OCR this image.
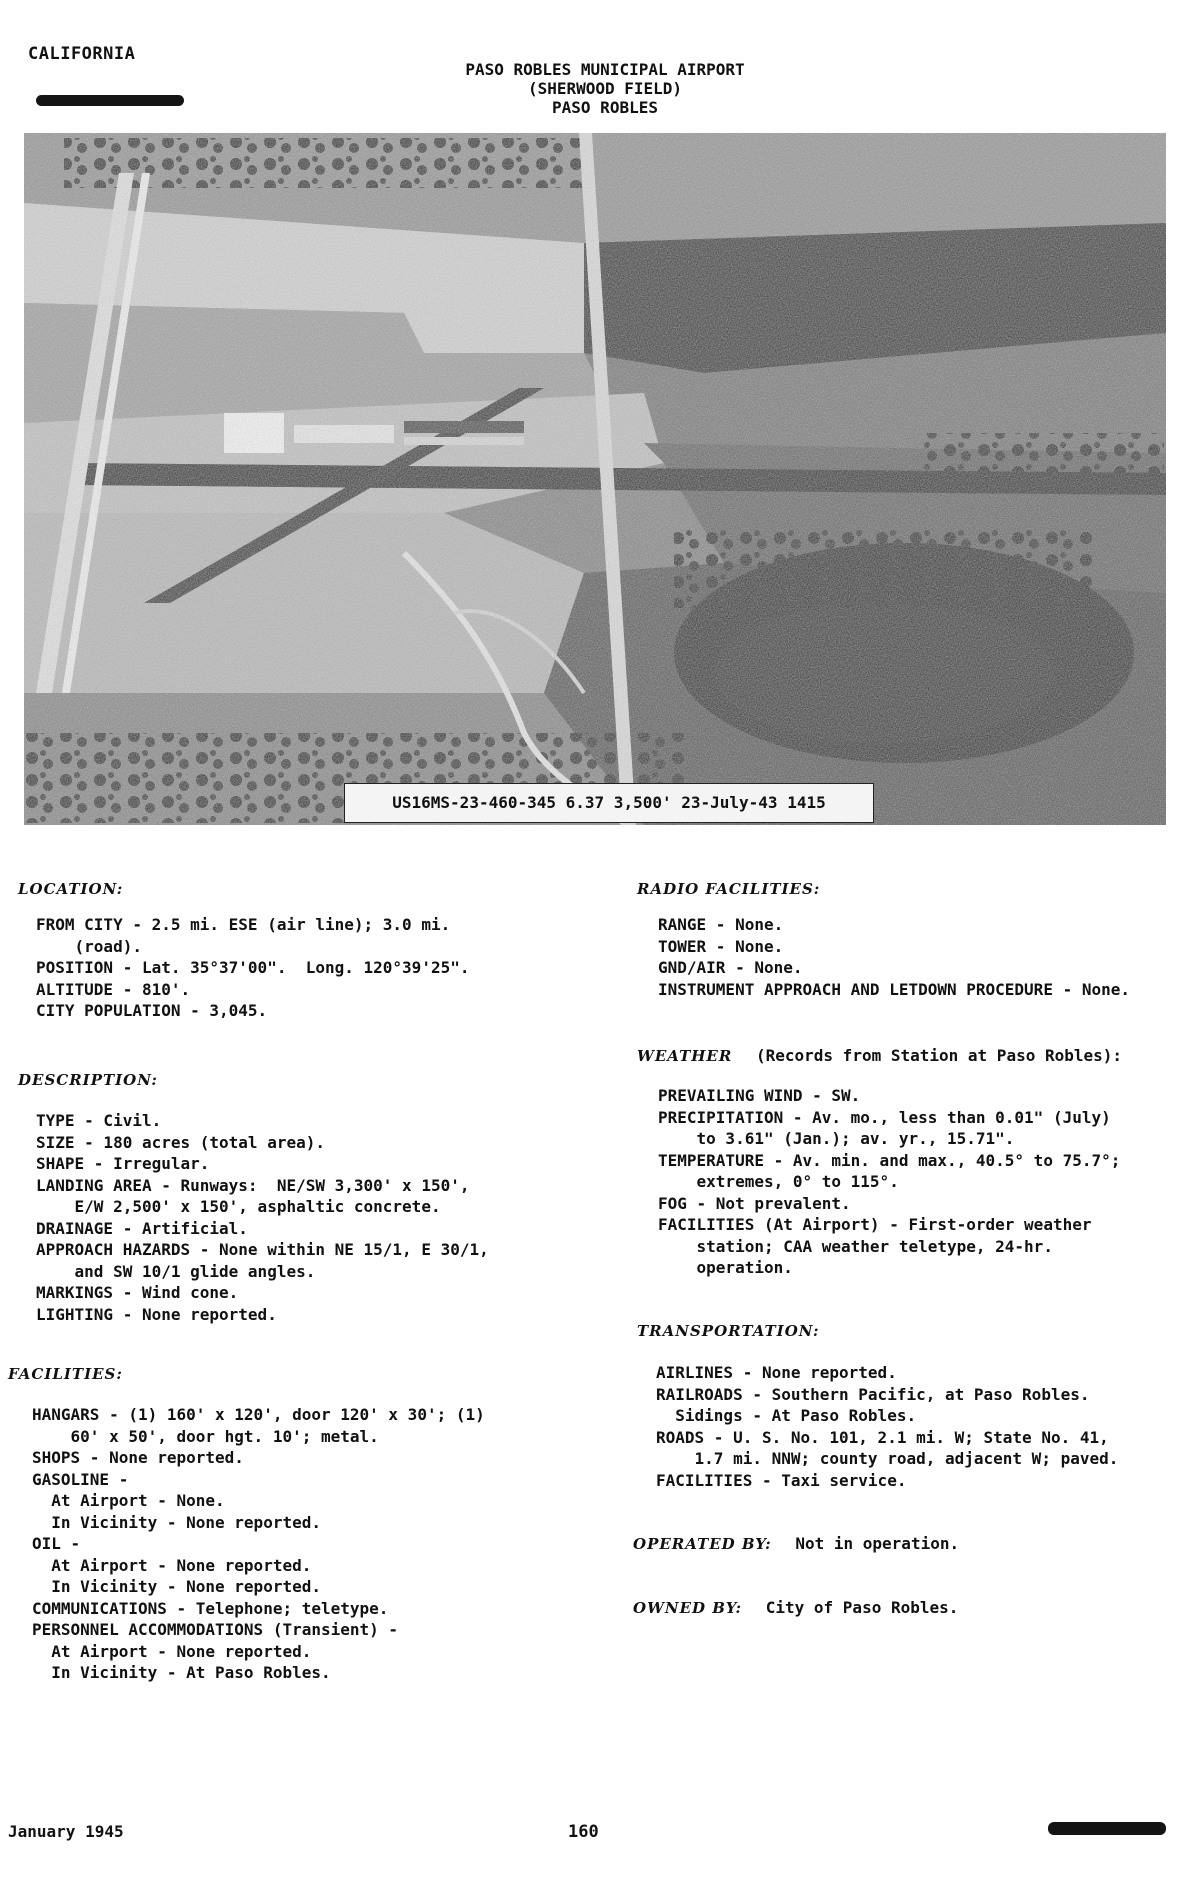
CALIFORNIA
PASO ROBLES MUNICIPAL AIRPORT
(SHERWOOD FIELD)
PASO ROBLES
US16MS-23-460-345 6.37 3,500' 23-July-43 1415
LOCATION:
FROM CITY - 2.5 mi. ESE (air line); 3.0 mi.
(road).
POSITION - Lat. 35°37'00".  Long. 120°39'25".
ALTITUDE - 810'.
CITY POPULATION - 3,045.
DESCRIPTION:
TYPE - Civil.
SIZE - 180 acres (total area).
SHAPE - Irregular.
LANDING AREA - Runways:  NE/SW 3,300' x 150',
E/W 2,500' x 150', asphaltic concrete.
DRAINAGE - Artificial.
APPROACH HAZARDS - None within NE 15/1, E 30/1,
and SW 10/1 glide angles.
MARKINGS - Wind cone.
LIGHTING - None reported.
FACILITIES:
HANGARS - (1) 160' x 120', door 120' x 30'; (1)
60' x 50', door hgt. 10'; metal.
SHOPS - None reported.
GASOLINE -
At Airport - None.
In Vicinity - None reported.
OIL -
At Airport - None reported.
In Vicinity - None reported.
COMMUNICATIONS - Telephone; teletype.
PERSONNEL ACCOMMODATIONS (Transient) -
At Airport - None reported.
In Vicinity - At Paso Robles.
RADIO FACILITIES:
RANGE - None.
TOWER - None.
GND/AIR - None.
INSTRUMENT APPROACH AND LETDOWN PROCEDURE - None.
WEATHER (Records from Station at Paso Robles):
PREVAILING WIND - SW.
PRECIPITATION - Av. mo., less than 0.01" (July)
to 3.61" (Jan.); av. yr., 15.71".
TEMPERATURE - Av. min. and max., 40.5° to 75.7°;
extremes, 0° to 115°.
FOG - Not prevalent.
FACILITIES (At Airport) - First-order weather
station; CAA weather teletype, 24-hr.
operation.
TRANSPORTATION:
AIRLINES - None reported.
RAILROADS - Southern Pacific, at Paso Robles.
Sidings - At Paso Robles.
ROADS - U. S. No. 101, 2.1 mi. W; State No. 41,
1.7 mi. NNW; county road, adjacent W; paved.
FACILITIES - Taxi service.
OPERATED BY: Not in operation.
OWNED BY: City of Paso Robles.
January 1945	160
